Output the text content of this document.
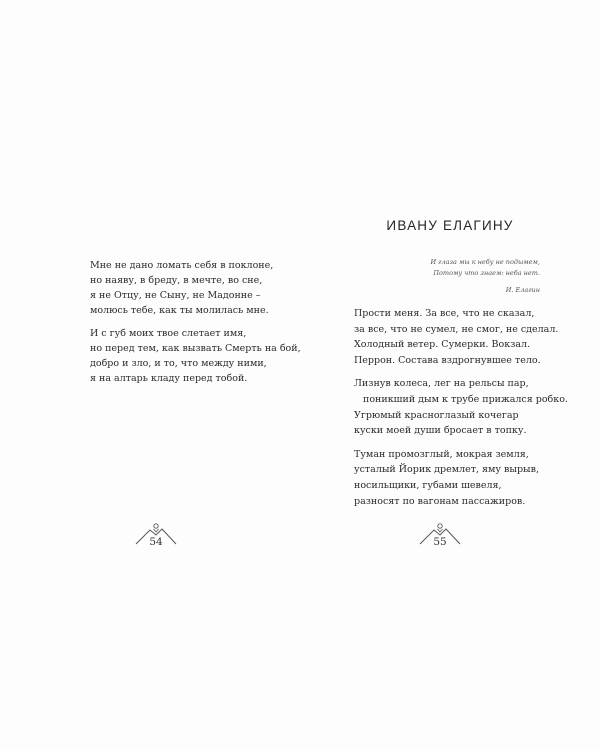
Мне не дано ломать себя в поклоне,
но наяву, в бреду, в мечте, во сне,
я не Отцу, не Сыну, не Мадонне –
молюсь тебе, как ты молилась мне.
И с губ моих твое слетает имя,
но перед тем, как вызвать Смерть на бой,
добро и зло, и то, что между ними,
я на алтарь кладу перед тобой.
54
ИВАНУ ЕЛАГИНУ
И глаза мы к небу не подымем,
Потому что знаем: неба нет.
И. Елагин
Прости меня. За все, что не сказал,
за все, что не сумел, не смог, не сделал.
Холодный ветер. Сумерки. Вокзал.
Перрон. Состава вздрогнувшее тело.
Лизнув колеса, лег на рельсы пар,
поникший дым к трубе прижался робко.
Угрюмый красноглазый кочегар
куски моей души бросает в топку.
Туман промозглый, мокрая земля,
усталый Йорик дремлет, яму вырыв,
носильщики, губами шевеля,
разносят по вагонам пассажиров.
55
